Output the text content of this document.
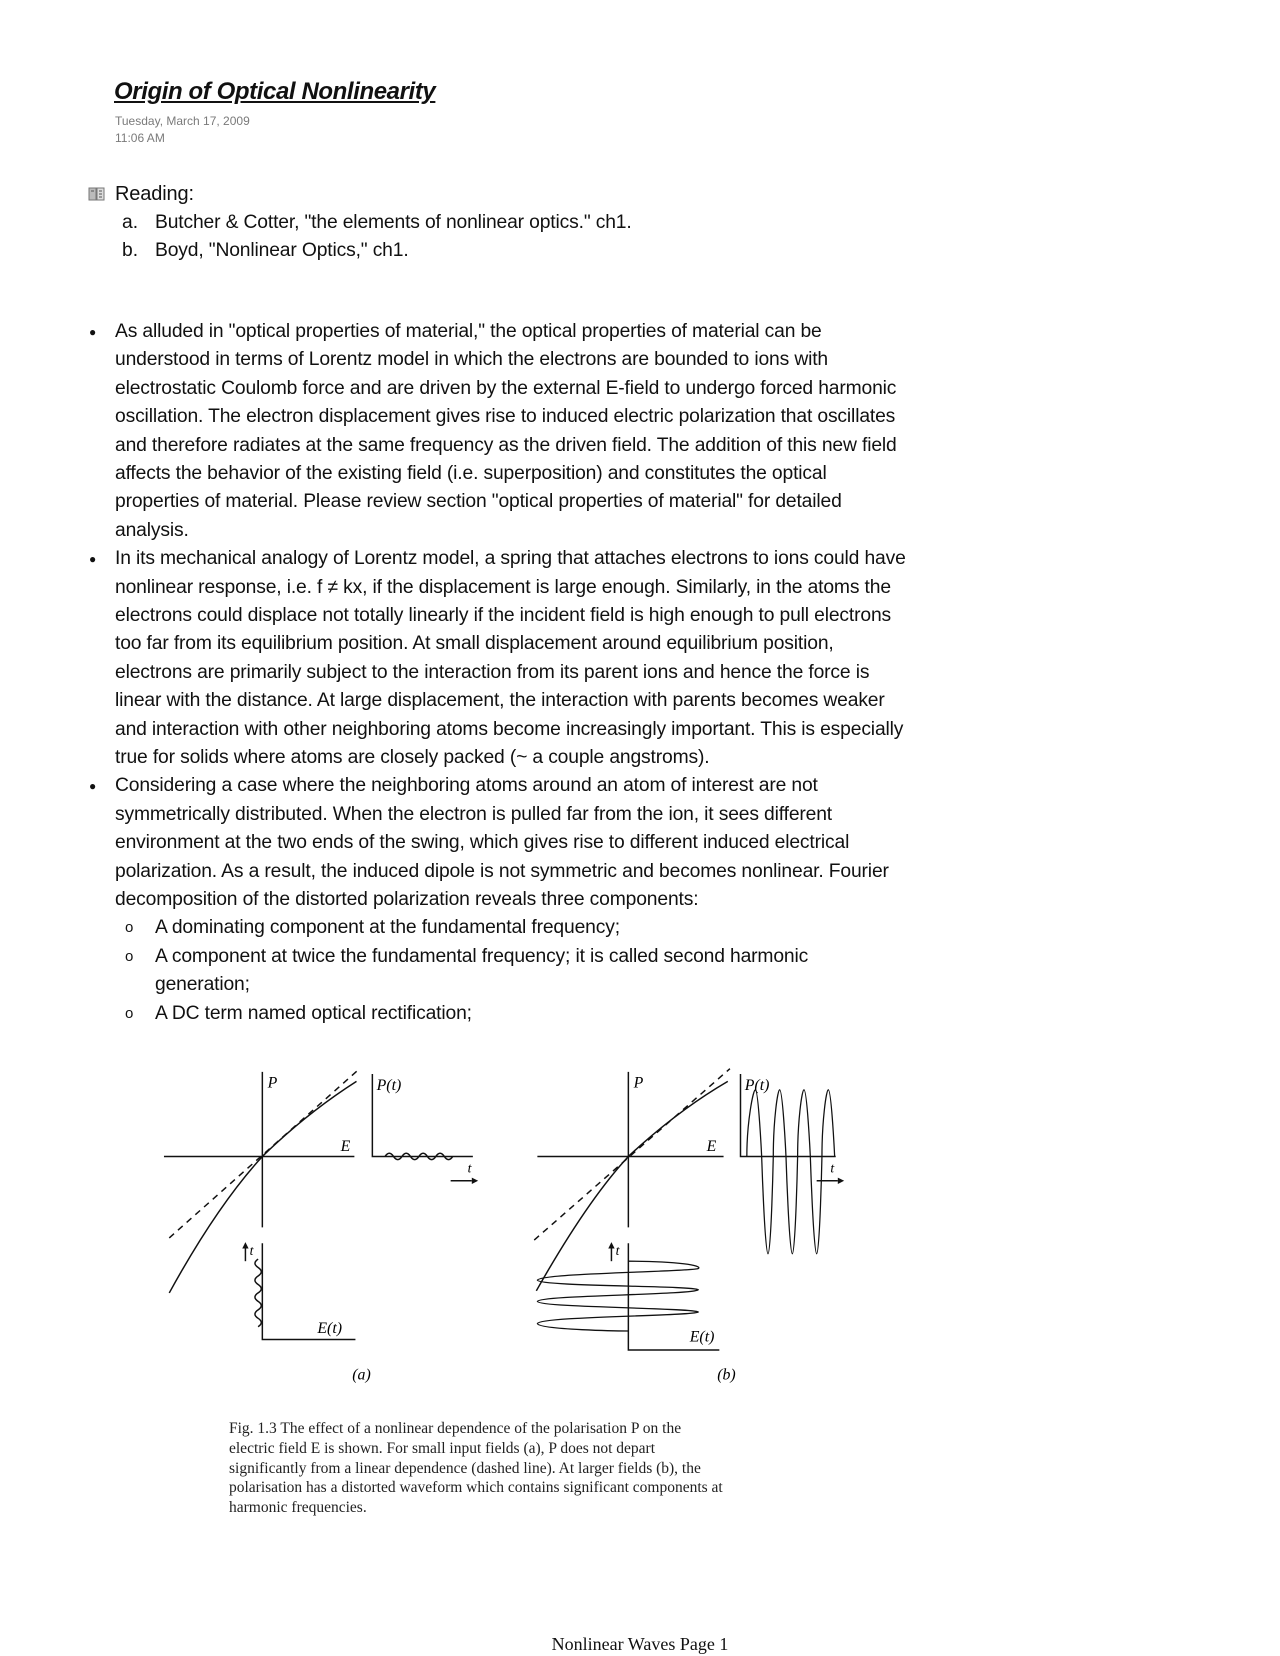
Origin of Optical Nonlinearity
Tuesday, March 17, 2009
11:06 AM
Reading:
a. Butcher & Cotter, "the elements of nonlinear optics." ch1.
b. Boyd, "Nonlinear Optics," ch1.
● As alluded in "optical properties of material," the optical properties of material can be
understood in terms of Lorentz model in which the electrons are bounded to ions with
electrostatic Coulomb force and are driven by the external E-field to undergo forced harmonic
oscillation. The electron displacement gives rise to induced electric polarization that oscillates
and therefore radiates at the same frequency as the driven field. The addition of this new field
affects the behavior of the existing field (i.e. superposition) and constitutes the optical
properties of material. Please review section "optical properties of material" for detailed
analysis.
● In its mechanical analogy of Lorentz model, a spring that attaches electrons to ions could have
nonlinear response, i.e. f ≠ kx, if the displacement is large enough. Similarly, in the atoms the
electrons could displace not totally linearly if the incident field is high enough to pull electrons
too far from its equilibrium position. At small displacement around equilibrium position,
electrons are primarily subject to the interaction from its parent ions and hence the force is
linear with the distance. At large displacement, the interaction with parents becomes weaker
and interaction with other neighboring atoms become increasingly important. This is especially
true for solids where atoms are closely packed (~ a couple angstroms).
● Considering a case where the neighboring atoms around an atom of interest are not
symmetrically distributed. When the electron is pulled far from the ion, it sees different
environment at the two ends of the swing, which gives rise to different induced electrical
polarization. As a result, the induced dipole is not symmetric and becomes nonlinear. Fourier
decomposition of the distorted polarization reveals three components:
o A dominating component at the fundamental frequency;
o A component at twice the fundamental frequency; it is called second harmonic
generation;
o A DC term named optical rectification;
P	P(t)
E
t
t
E(t)
(a)
P	P(t)
E
t
t
E(t)
(b)
Fig. 1.3 The effect of a nonlinear dependence of the polarisation P on the
electric field E is shown. For small input fields (a), P does not depart
significantly from a linear dependence (dashed line). At larger fields (b), the
polarisation has a distorted waveform which contains significant components at
harmonic frequencies.
Nonlinear Waves Page 1
